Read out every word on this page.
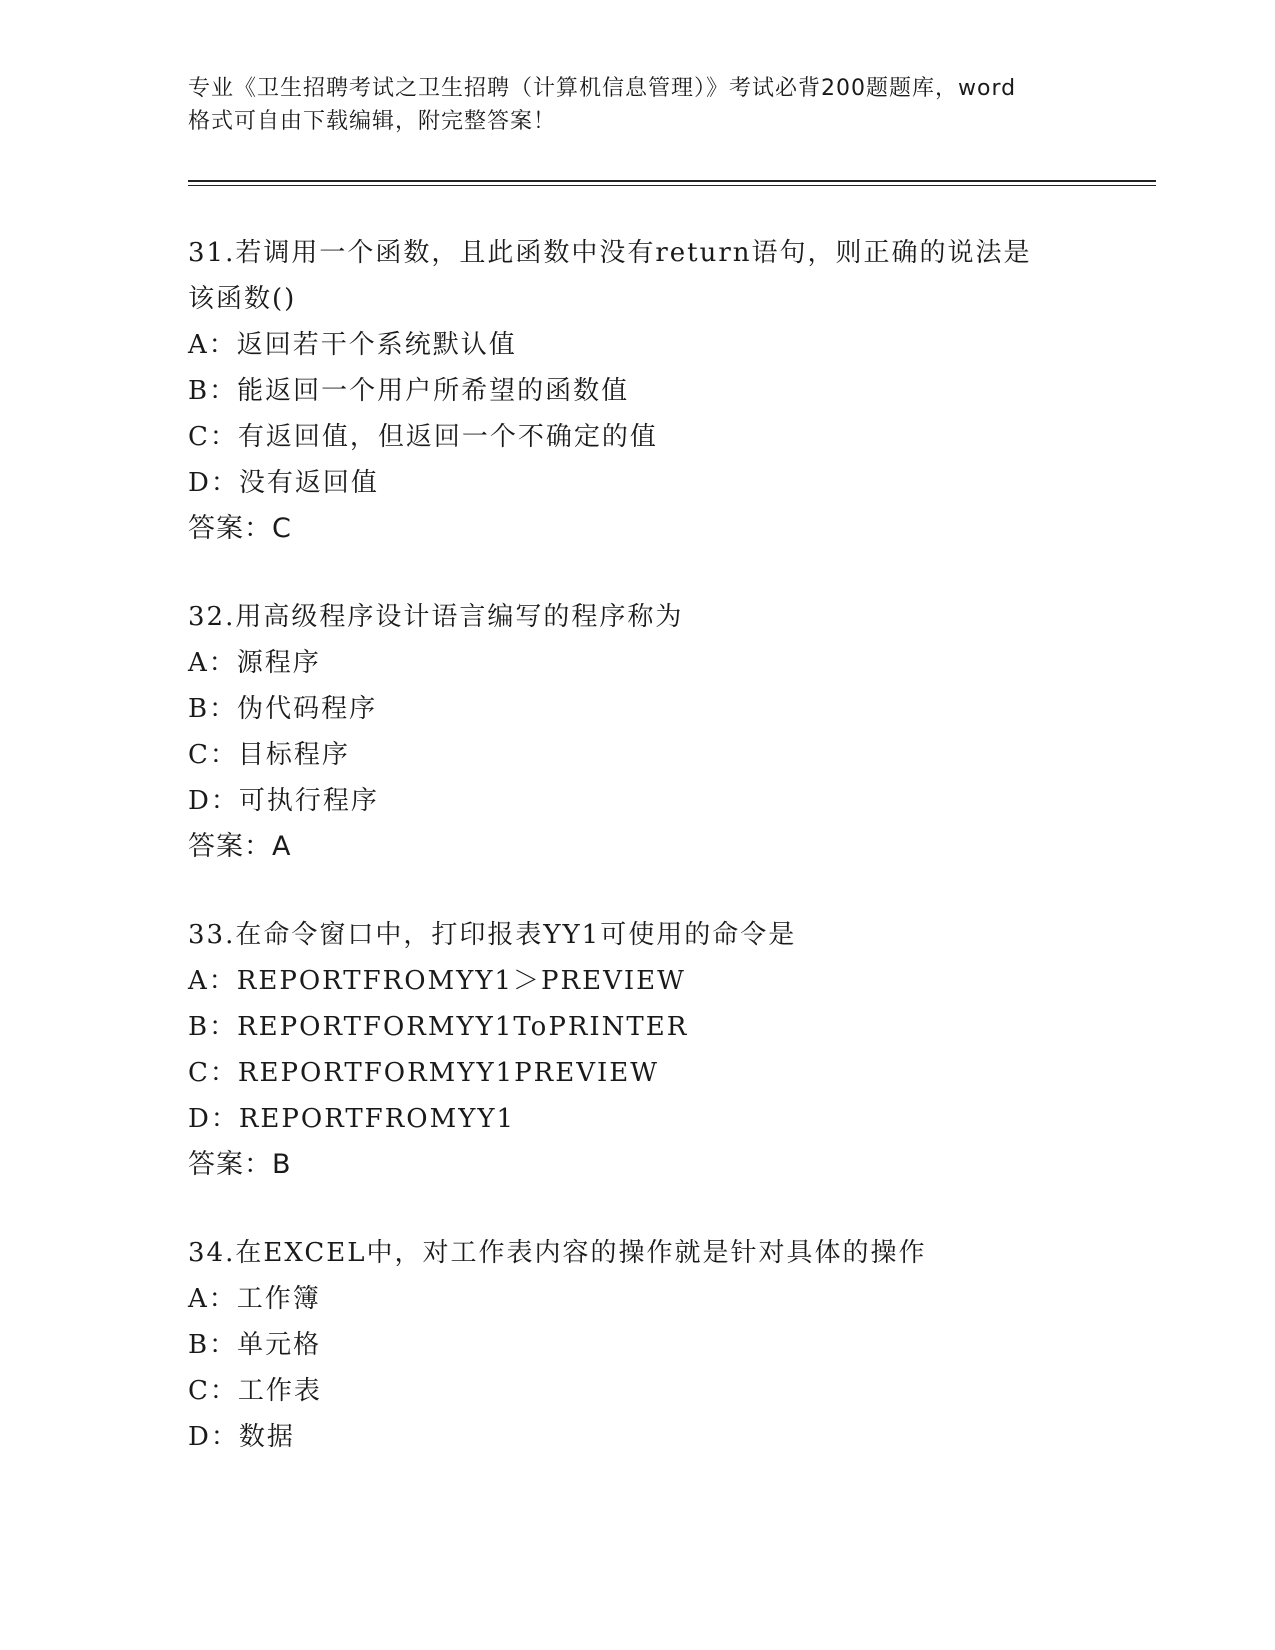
专业《卫生招聘考试之卫生招聘（计算机信息管理）》考试必背200题题库，word
格式可自由下载编辑，附完整答案！
31.若调用一个函数，且此函数中没有return语句，则正确的说法是
该函数()
A：返回若干个系统默认值
B：能返回一个用户所希望的函数值
C：有返回值，但返回一个不确定的值
D：没有返回值
答案：C
32.用高级程序设计语言编写的程序称为
A：源程序
B：伪代码程序
C：目标程序
D：可执行程序
答案：A
33.在命令窗口中，打印报表YY1可使用的命令是
A：REPORTFROMYY1＞PREVIEW
B：REPORTFORMYY1ToPRINTER
C：REPORTFORMYY1PREVIEW
D：REPORTFROMYY1
答案：B
34.在EXCEL中，对工作表内容的操作就是针对具体的操作
A：工作簿
B：单元格
C：工作表
D：数据
